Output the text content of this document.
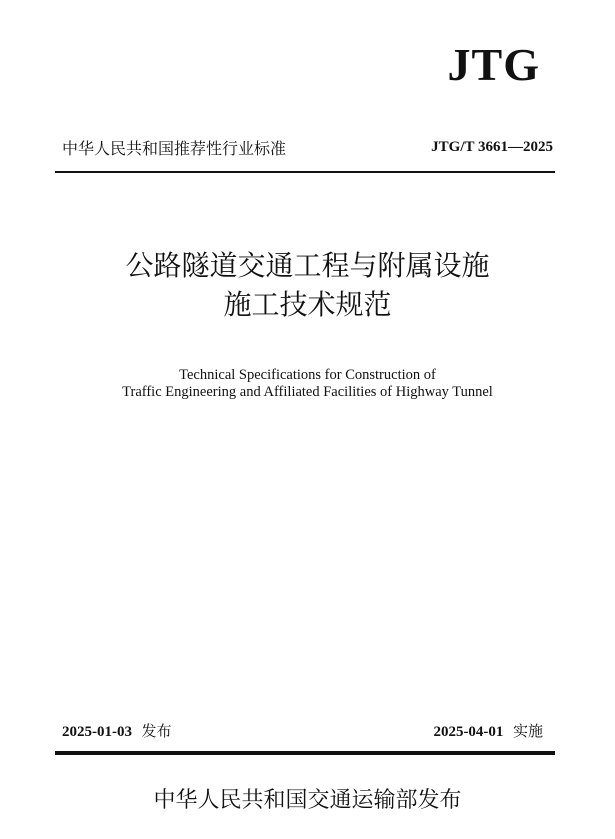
JTG
中华人民共和国推荐性行业标准	JTG/T 3661—2025
公路隧道交通工程与附属设施
施工技术规范
Technical Specifications for Construction of
Traffic Engineering and Affiliated Facilities of Highway Tunnel
2025-01-03 发布	2025-04-01 实施
中华人民共和国交通运输部发布
